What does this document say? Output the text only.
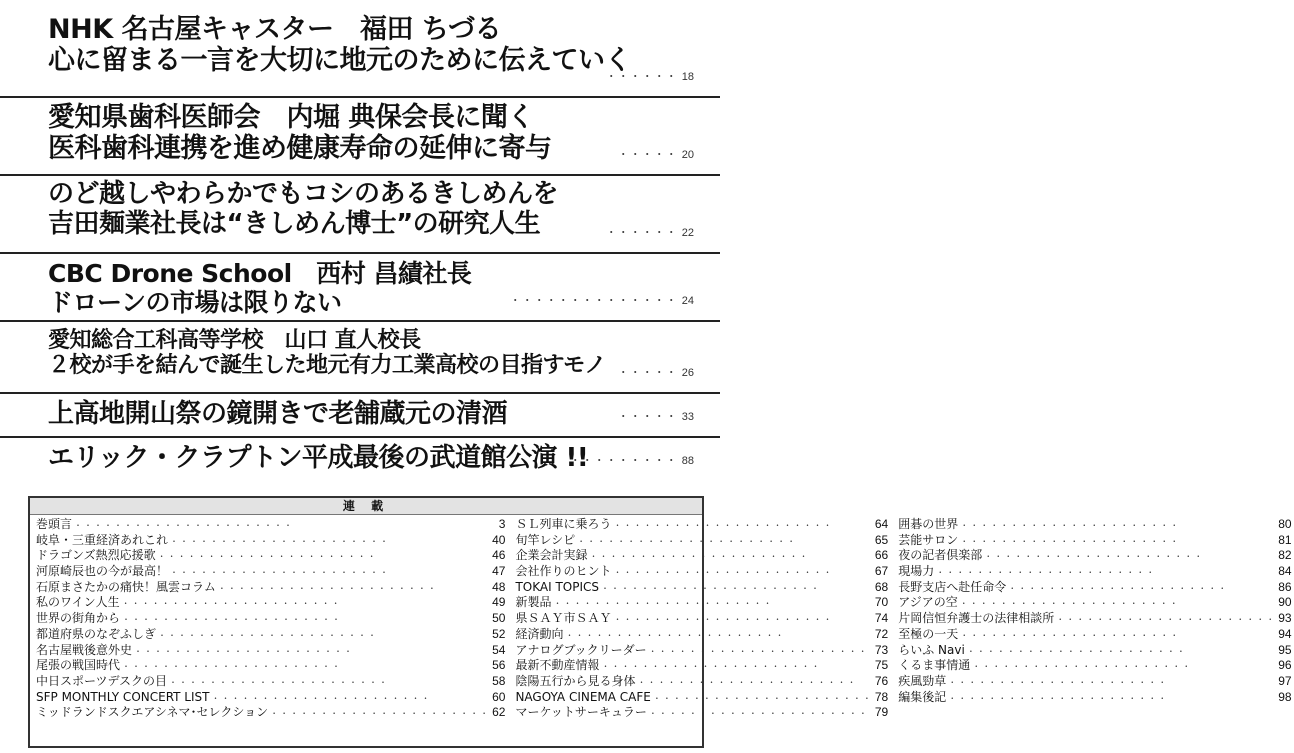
NHK 名古屋キャスター　福田 ちづる
心に留まる一言を大切に地元のために伝えていく
・・・・・・ 18
愛知県歯科医師会　内堀 典保会長に聞く
医科歯科連携を進め健康寿命の延伸に寄与	・・・・・ 20
のど越しやわらかでもコシのあるきしめんを
吉田麺業社長は“きしめん博士”の研究人生	・・・・・・ 22
CBC Drone School　西村 昌績社長
ドローンの市場は限りない	・・・・・・・・・・・・・・ 24
愛知総合工科高等学校　山口 直人校長
２校が手を結んで誕生した地元有力工業高校の目指すモノ	・・・・・ 26
上高地開山祭の鏡開きで老舗蔵元の清酒	・・・・・ 33
エリック・クラプトン平成最後の武道館公演 !!
・・・・・・・・・ 88
連 載
巻頭言 ・・・・・・・・・・・・・・・・・・・・・・	3
岐阜・三重経済あれこれ ・・・・・・・・・・・・・・・・・・・・・・	40
ドラゴンズ熱烈応援歌 ・・・・・・・・・・・・・・・・・・・・・・	46
河原崎辰也の今が最高！ ・・・・・・・・・・・・・・・・・・・・・・	47
石原まさたかの痛快！風雲コラム ・・・・・・・・・・・・・・・・・・・・・・	48
私のワイン人生 ・・・・・・・・・・・・・・・・・・・・・・	49
世界の街角から ・・・・・・・・・・・・・・・・・・・・・・	50
都道府県のなぞふしぎ ・・・・・・・・・・・・・・・・・・・・・・	52
名古屋戦後意外史 ・・・・・・・・・・・・・・・・・・・・・・	54
尾張の戦国時代 ・・・・・・・・・・・・・・・・・・・・・・	56
中日スポーツデスクの目 ・・・・・・・・・・・・・・・・・・・・・・	58
SFP MONTHLY CONCERT LIST ・・・・・・・・・・・・・・・・・・・・・・	60
ミッドランドスクエアシネマ･セレクション ・・・・・・・・・・・・・・・・・・・・・・	62
ＳＬ列車に乗ろう ・・・・・・・・・・・・・・・・・・・・・・	64
旬竿レシピ ・・・・・・・・・・・・・・・・・・・・・・	65
企業会計実録 ・・・・・・・・・・・・・・・・・・・・・・	66
会社作りのヒント ・・・・・・・・・・・・・・・・・・・・・・	67
TOKAI TOPICS ・・・・・・・・・・・・・・・・・・・・・・	68
新製品 ・・・・・・・・・・・・・・・・・・・・・・	70
県ＳＡＹ市ＳＡＹ ・・・・・・・・・・・・・・・・・・・・・・	74
経済動向 ・・・・・・・・・・・・・・・・・・・・・・	72
アナログブックリーダー ・・・・・・・・・・・・・・・・・・・・・・	73
最新不動産情報 ・・・・・・・・・・・・・・・・・・・・・・	75
陰陽五行から見る身体 ・・・・・・・・・・・・・・・・・・・・・・	76
NAGOYA CINEMA CAFE ・・・・・・・・・・・・・・・・・・・・・・	78
マーケットサーキュラー ・・・・・・・・・・・・・・・・・・・・・・	79
囲碁の世界 ・・・・・・・・・・・・・・・・・・・・・・	80
芸能サロン ・・・・・・・・・・・・・・・・・・・・・・	81
夜の記者倶楽部 ・・・・・・・・・・・・・・・・・・・・・・	82
現場力 ・・・・・・・・・・・・・・・・・・・・・・	84
長野支店へ赴任命令 ・・・・・・・・・・・・・・・・・・・・・・	86
アジアの空 ・・・・・・・・・・・・・・・・・・・・・・	90
片岡信恒弁護士の法律相談所 ・・・・・・・・・・・・・・・・・・・・・・	93
至極の一天 ・・・・・・・・・・・・・・・・・・・・・・	94
らいふ Navi ・・・・・・・・・・・・・・・・・・・・・・	95
くるま事情通 ・・・・・・・・・・・・・・・・・・・・・・	96
疾風勁草 ・・・・・・・・・・・・・・・・・・・・・・	97
編集後記 ・・・・・・・・・・・・・・・・・・・・・・	98
